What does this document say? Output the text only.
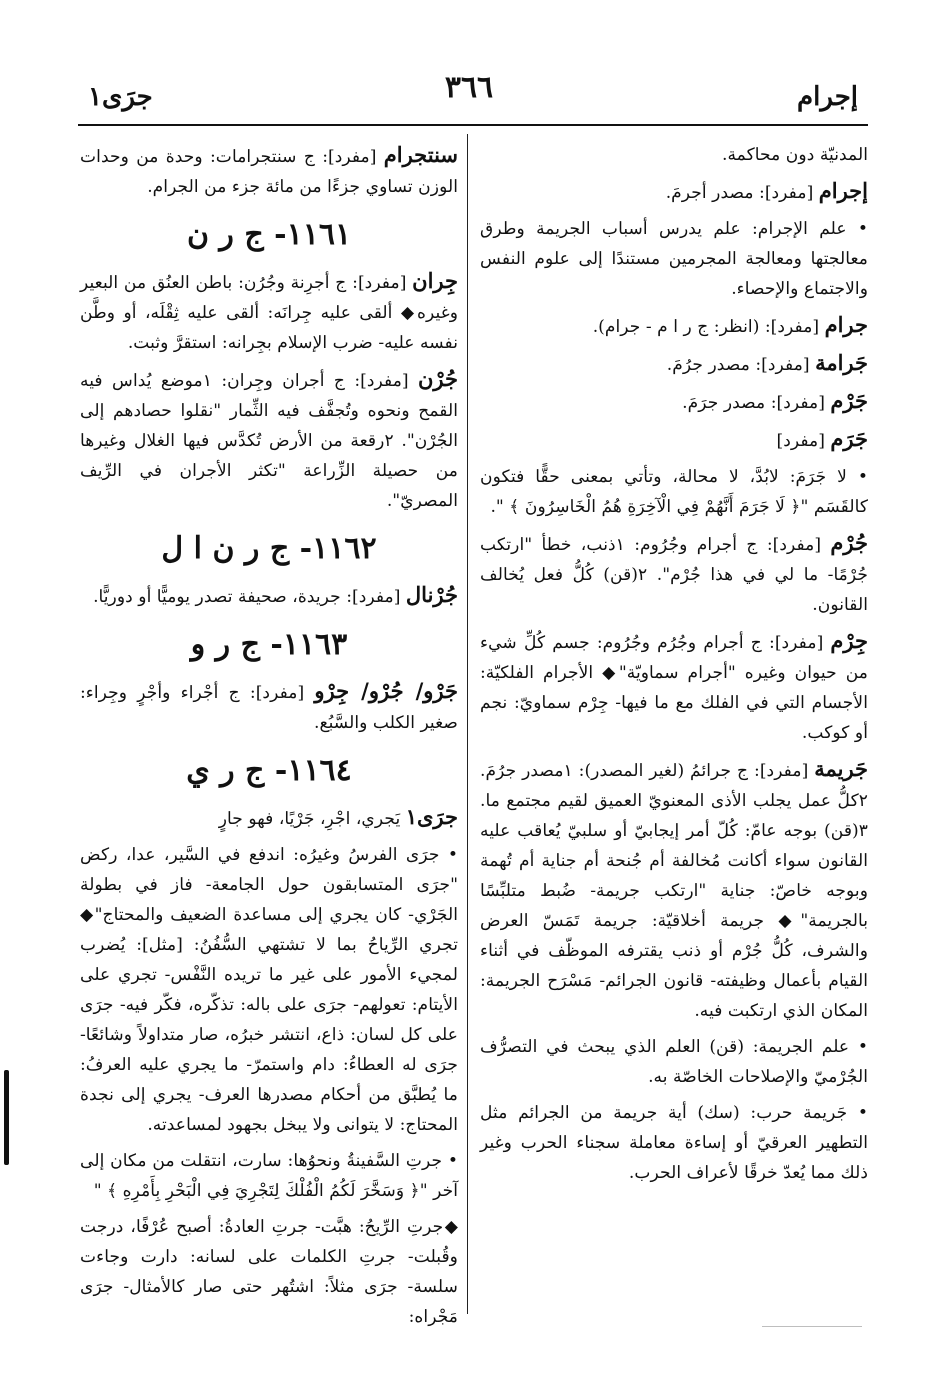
إجرام
٣٦٦
جرَى١

المدنيّة دون محاكمة.

إجرام [مفرد]: مصدر أجرمَ.

• علم الإجرام: علم يدرس أسباب الجريمة وطرق معالجتها ومعالجة المجرمين مستندًا إلى علوم النفس والاجتماع والإحصاء.

جرام [مفرد]: (انظر: ج ر ا م - جرام).

جَرامة [مفرد]: مصدر جرُمَ.

جَرْم [مفرد]: مصدر جرَمَ.

جَرَم [مفرد]

• لا جَرَمَ: لابُدَّ، لا محالة، وتأتي بمعنى حقًّا فتكون كالقَسَم "﴿ لَا جَرَمَ أَنَّهُمْ فِي الْآخِرَةِ هُمُ الْخَاسِرُونَ ﴾ ".

جُرْم [مفرد]: ج أجرام وجُرُوم: ١ذنب، خطأ "ارتكب جُرْمًا- ما لي في هذا جُرْم". ٢(قن) كُلُّ فعل يُخالف القانون.

جِرْم [مفرد]: ج أجرام وجُرُم وجُرُوم: جسم كُلِّ شيء من حيوان وغيره "أجرام سماويّة"◆ الأجرام الفلكيّة: الأجسام التي في الفلك مع ما فيها- جِرْم سماويّ: نجم أو كوكب.

جَريمة [مفرد]: ج جرائمُ (لغير المصدر): ١مصدر جرُمَ. ٢كلُّ عمل يجلب الأذى المعنويّ العميق لقيم مجتمع ما. ٣(قن) بوجه عامّ: كُلّ أمر إيجابيّ أو سلبيّ يُعاقب عليه القانون سواء أكانت مُخالفة أم جُنحة أم جناية أم تُهمة وبوجه خاصّ: جناية "ارتكب جريمة- ضُبط متلبِّسًا بالجريمة"◆ جريمة أخلاقيّة: جريمة تَمَسّ العرض والشرف، كُلُّ جُرْم أو ذنب يقترفه الموظّف في أثناء القيام بأعمال وظيفته- قانون الجرائم- مَسْرَح الجريمة: المكان الذي ارتكبت فيه.

• علم الجريمة: (قن) العلم الذي يبحث في التصرُّف الجُرْميّ والإصلاحات الخاصّة به.

• جَريمة حرب: (سك) أية جريمة من الجرائم مثل التطهير العرقيّ أو إساءة معاملة سجناء الحرب وغير ذلك مما يُعدّ خرقًا لأعراف الحرب.

سنتجرام [مفرد]: ج سنتجرامات: وحدة من وحدات الوزن تساوي جزءًا من مائة جزء من الجرام.

١١٦١- ج ر ن

جِران [مفرد]: ج أجرِنة وجُرُن: باطن العنُق من البعير وغيره◆ ألقى عليه جِرانَه: ألقى عليه ثِقْلَه، أو وطَّن نفسه عليه- ضرب الإسلام بجِرانه: استقرَّ وثبت.

جُرْن [مفرد]: ج أجران وجِران: ١موضع يُداس فيه القمح ونحوه وتُجفَّف فيه الثِّمار "نقلوا حصادهم إلى الجُرْن". ٢رقعة من الأرض تُكدَّس فيها الغلال وغيرها من حصيلة الزِّراعة "تكثر الأجران في الرِّيف المصريّ".

١١٦٢- ج ر ن ا ل

جُرْنال [مفرد]: جريدة، صحيفة تصدر يوميًّا أو دوريًّا.

١١٦٣- ج ر و

جَرْو/ جُرْو/ جِرْو [مفرد]: ج أجْراء وأجْرٍ وجِراء: صغير الكلب والسَّبُع.

١١٦٤- ج ر ي

جرَى١ يَجري، اجْرِ، جَرْيًا، فهو جارٍ

• جرَى الفرسُ وغيرُه: اندفع في السَّير، عدا، ركض "جرَى المتسابقون حول الجامعة- فاز في بطولة الجَرْي- كان يجري إلى مساعدة الضعيف والمحتاج"◆ تجري الرِّياحُ بما لا تشتهي السُّفُنُ: [مثل]: يُضرب لمجيء الأمور على غير ما تريده النَّفْس- تجري على الأيتام: تعولهم- جرَى على باله: تذكّره، فكّر فيه- جرَى على كل لسان: ذاع، انتشر خبرُه، صار متداولاً وشائعًا- جرَى له العطاءُ: دام واستمرّ- ما يجري عليه العرفُ: ما يُطبَّق من أحكام مصدرها العرف- يجري إلى نجدة المحتاج: لا يتوانى ولا يبخل بجهود لمساعدته.

• جرتِ السَّفينةُ ونحوُها: سارت، انتقلت من مكان إلى آخر "﴿ وَسَخَّرَ لَكُمُ الْفُلْكَ لِتَجْرِيَ فِي الْبَحْرِ بِأَمْرِهِ ﴾ "

◆جرتِ الرِّيحُ: هبَّت- جرتِ العادةُ: أصبح عُرْفًا، درجت وقُبلت- جرتِ الكلمات على لسانه: دارت وجاءت سلسة- جرَى مثلاً: اشتُهر حتى صار كالأمثال- جرَى مَجْراه:
